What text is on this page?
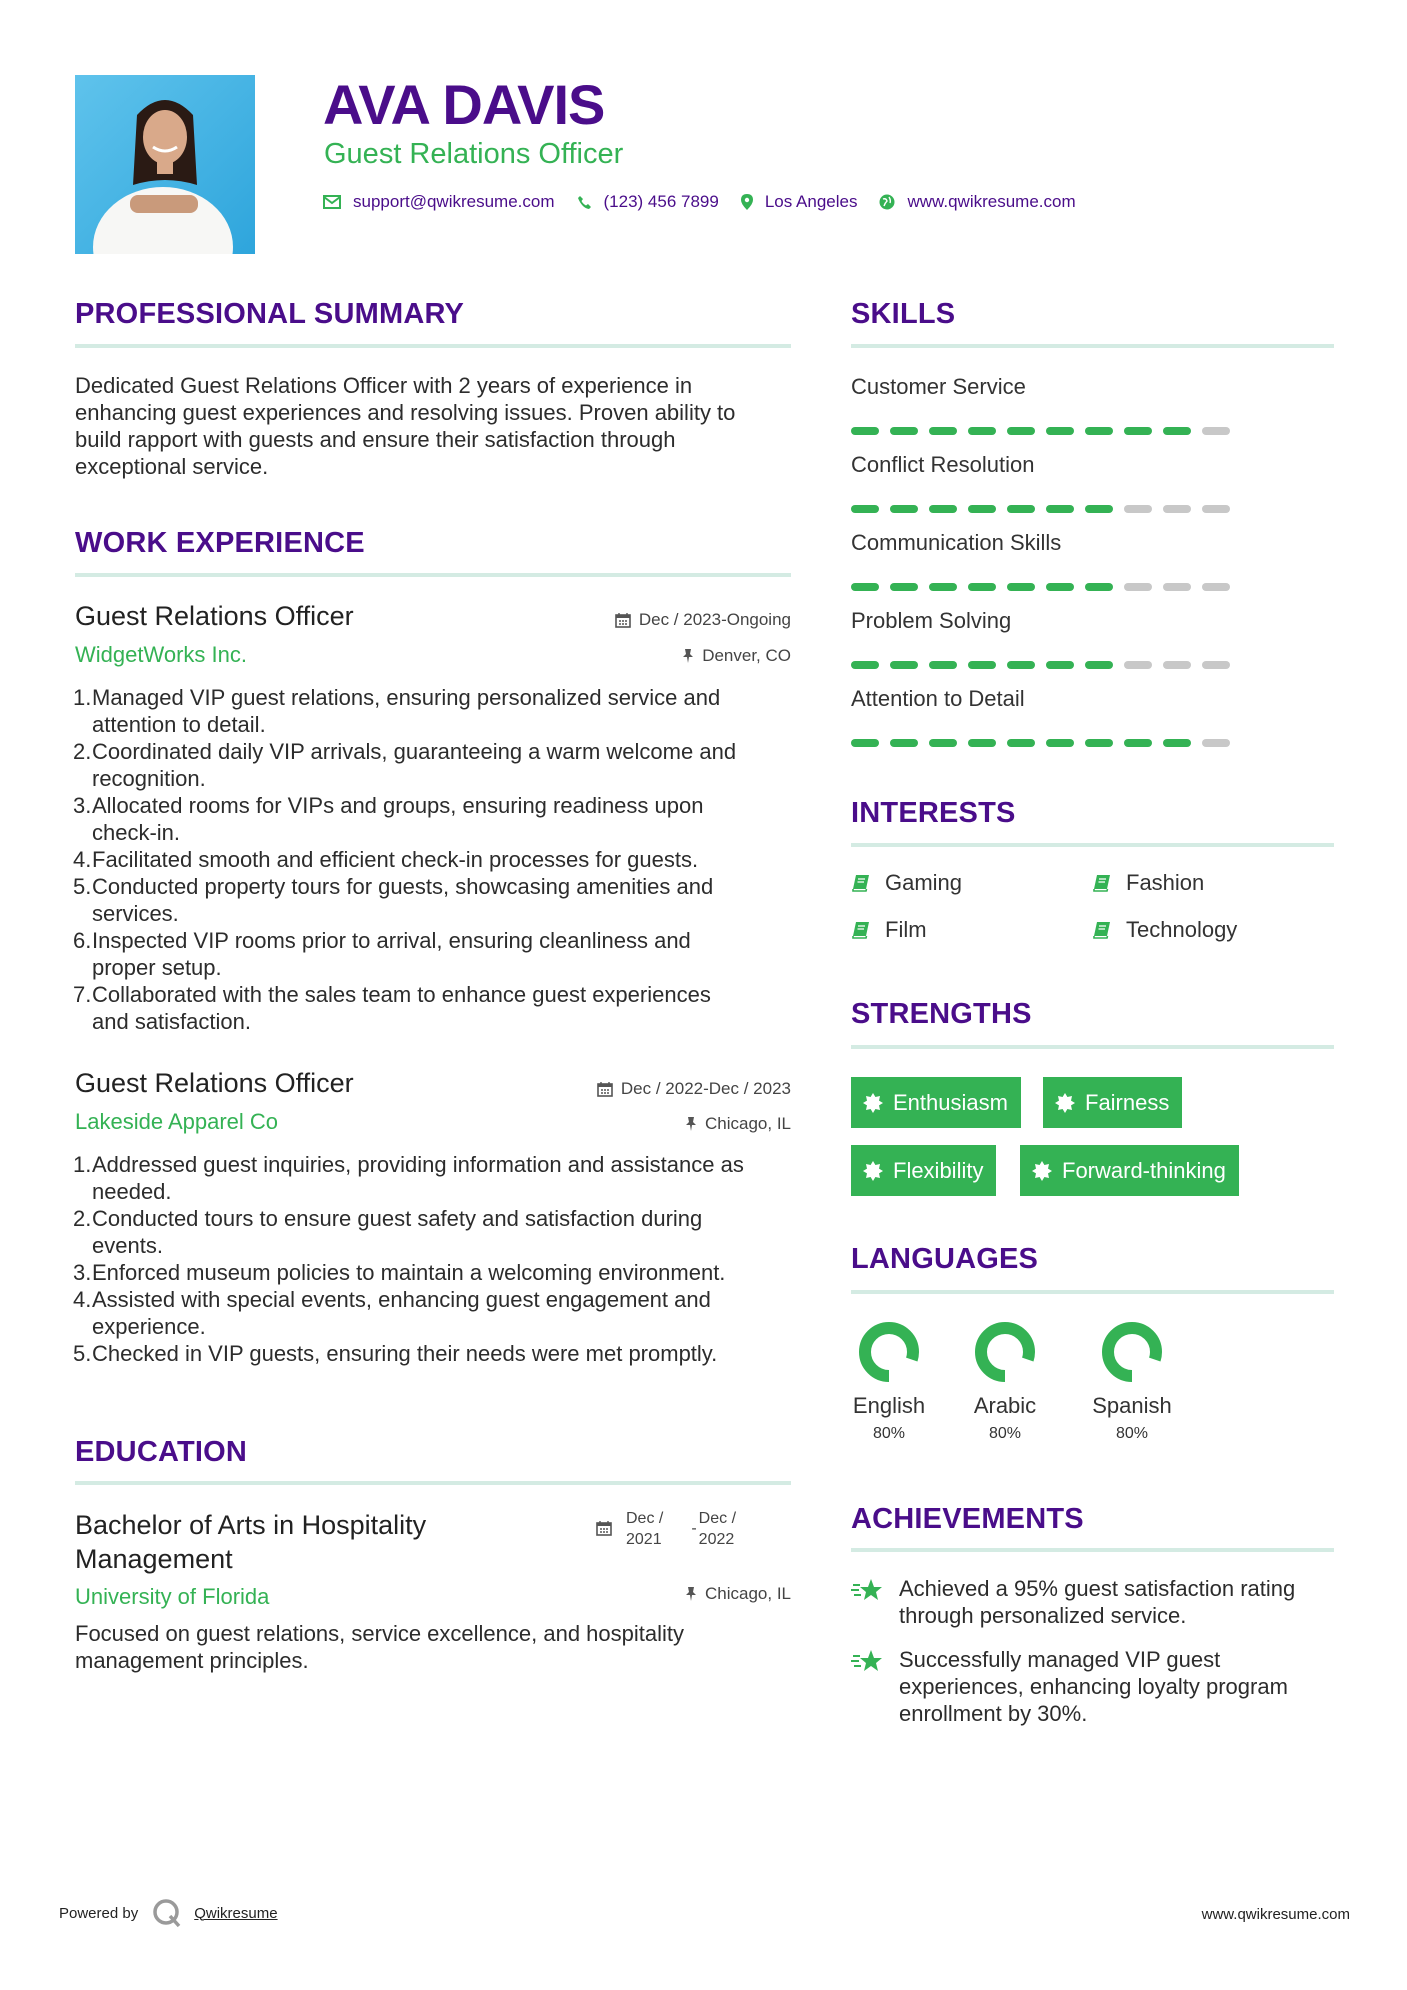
AVA DAVIS
Guest Relations Officer
support@qwikresume.com	(123) 456 7899	Los Angeles	www.qwikresume.com
PROFESSIONAL SUMMARY
Dedicated Guest Relations Officer with 2 years of experience in
enhancing guest experiences and resolving issues. Proven ability to
build rapport with guests and ensure their satisfaction through
exceptional service.
WORK EXPERIENCE
Guest Relations Officer	Dec / 2023-Ongoing
WidgetWorks Inc.	Denver, CO
1. Managed VIP guest relations, ensuring personalized service and
attention to detail.
2. Coordinated daily VIP arrivals, guaranteeing a warm welcome and
recognition.
3. Allocated rooms for VIPs and groups, ensuring readiness upon
check-in.
4. Facilitated smooth and efficient check-in processes for guests.
5. Conducted property tours for guests, showcasing amenities and
services.
6. Inspected VIP rooms prior to arrival, ensuring cleanliness and
proper setup.
7. Collaborated with the sales team to enhance guest experiences
and satisfaction.
Guest Relations Officer	Dec / 2022-Dec / 2023
Lakeside Apparel Co	Chicago, IL
1. Addressed guest inquiries, providing information and assistance as
needed.
2. Conducted tours to ensure guest safety and satisfaction during
events.
3. Enforced museum policies to maintain a welcoming environment.
4. Assisted with special events, enhancing guest engagement and
experience.
5. Checked in VIP guests, ensuring their needs were met promptly.
EDUCATION
Bachelor of Arts in Hospitality
Management
Dec /
2021
-
Dec /
2022
University of Florida	Chicago, IL
Focused on guest relations, service excellence, and hospitality
management principles.
SKILLS
Customer Service
Conflict Resolution
Communication Skills
Problem Solving
Attention to Detail
INTERESTS
Gaming	Fashion
Film	Technology
STRENGTHS
Enthusiasm	Fairness
Flexibility	Forward-thinking
LANGUAGES
English
80%
Arabic
80%
Spanish
80%
ACHIEVEMENTS
Achieved a 95% guest satisfaction rating
through personalized service.
Successfully managed VIP guest
experiences, enhancing loyalty program
enrollment by 30%.
Powered by	Qwikresume	www.qwikresume.com
